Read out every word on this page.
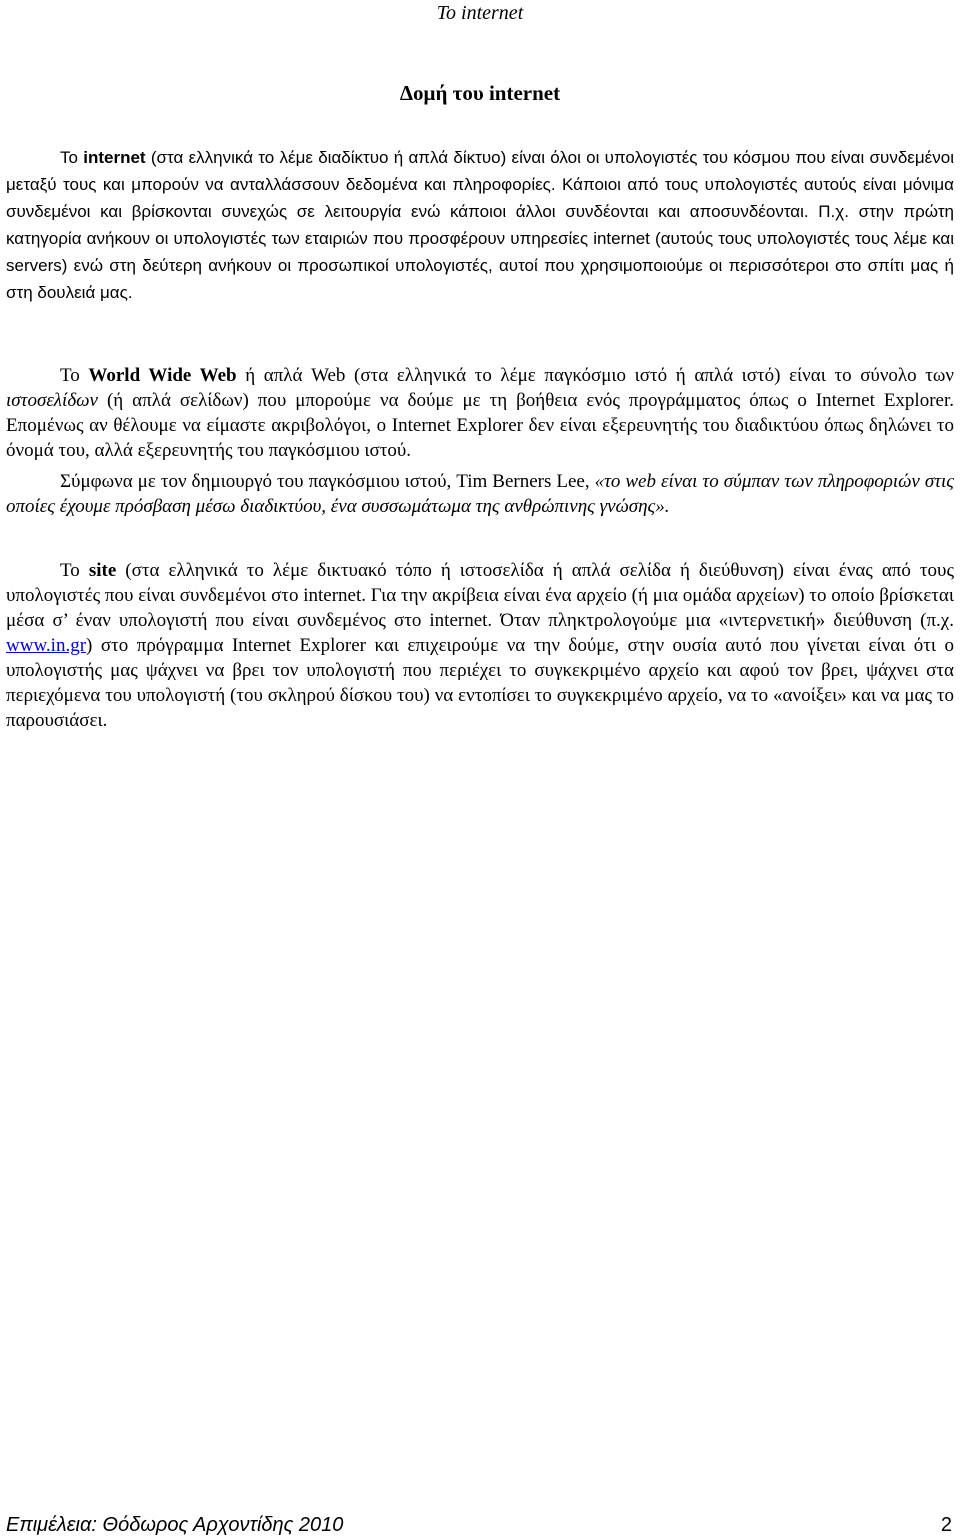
To internet
Δομή του internet

Το internet (στα ελληνικά το λέμε διαδίκτυο ή απλά δίκτυο) είναι όλοι οι υπολογιστές του κόσμου που είναι συνδεμένοι μεταξύ τους και μπορούν να ανταλλάσσουν δεδομένα και πληροφορίες. Κάποιοι από τους υπολογιστές αυτούς είναι μόνιμα συνδεμένοι και βρίσκονται συνεχώς σε λειτουργία ενώ κάποιοι άλλοι συνδέονται και αποσυνδέονται. Π.χ. στην πρώτη κατηγορία ανήκουν οι υπολογιστές των εταιριών που προσφέρουν υπηρεσίες internet (αυτούς τους υπολογιστές τους λέμε και servers) ενώ στη δεύτερη ανήκουν οι προσωπικοί υπολογιστές, αυτοί που χρησιμοποιούμε οι περισσότεροι στο σπίτι μας ή στη δουλειά μας.

Το World Wide Web ή απλά Web (στα ελληνικά το λέμε παγκόσμιο ιστό ή απλά ιστό) είναι το σύνολο των ιστοσελίδων (ή απλά σελίδων) που μπορούμε να δούμε με τη βοήθεια ενός προγράμματος όπως ο Internet Explorer. Επομένως αν θέλουμε να είμαστε ακριβολόγοι, ο Internet Explorer δεν είναι εξερευνητής του διαδικτύου όπως δηλώνει το όνομά του, αλλά εξερευνητής του παγκόσμιου ιστού.

Σύμφωνα με τον δημιουργό του παγκόσμιου ιστού, Tim Berners Lee, «το web είναι το σύμπαν των πληροφοριών στις οποίες έχουμε πρόσβαση μέσω διαδικτύου, ένα συσσωμάτωμα της ανθρώπινης γνώσης».

Το site (στα ελληνικά το λέμε δικτυακό τόπο ή ιστοσελίδα ή απλά σελίδα ή διεύθυνση) είναι ένας από τους υπολογιστές που είναι συνδεμένοι στο internet. Για την ακρίβεια είναι ένα αρχείο (ή μια ομάδα αρχείων) το οποίο βρίσκεται μέσα σ’ έναν υπολογιστή που είναι συνδεμένος στο internet. Όταν πληκτρολογούμε μια «ιντερνετική» διεύθυνση (π.χ. www.in.gr) στο πρόγραμμα Internet Explorer και επιχειρούμε να την δούμε, στην ουσία αυτό που γίνεται είναι ότι ο υπολογιστής μας ψάχνει να βρει τον υπολογιστή που περιέχει το συγκεκριμένο αρχείο και αφού τον βρει, ψάχνει στα περιεχόμενα του υπολογιστή (του σκληρού δίσκου του) να εντοπίσει το συγκεκριμένο αρχείο, να το «ανοίξει» και να μας το παρουσιάσει.

Επιμέλεια: Θόδωρος Αρχοντίδης 2010	2
